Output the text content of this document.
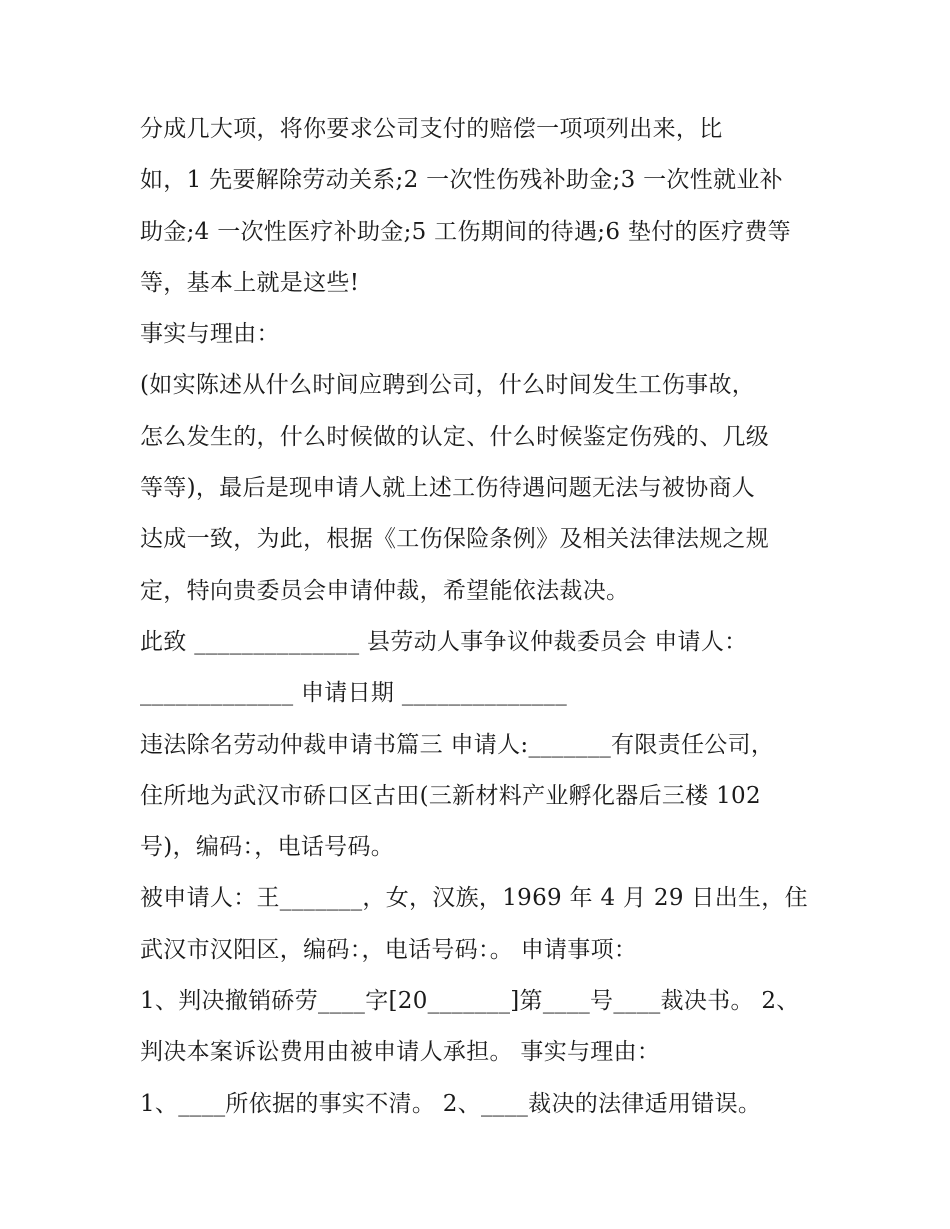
分成几大项，将你要求公司支付的赔偿一项项列出来，比
如，1 先要解除劳动关系;2 一次性伤残补助金;3 一次性就业补
助金;4 一次性医疗补助金;5 工伤期间的待遇;6 垫付的医疗费等
等，基本上就是这些!
事实与理由：
(如实陈述从什么时间应聘到公司，什么时间发生工伤事故，
怎么发生的，什么时候做的认定、什么时候鉴定伤残的、几级
等等)，最后是现申请人就上述工伤待遇问题无法与被协商人
达成一致，为此，根据《工伤保险条例》及相关法律法规之规
定，特向贵委员会申请仲裁，希望能依法裁决。
此致 ______________ 县劳动人事争议仲裁委员会 申请人：
_____________ 申请日期 ______________
违法除名劳动仲裁申请书篇三 申请人:_______有限责任公司，
住所地为武汉市硚口区古田(三新材料产业孵化器后三楼 102
号)，编码：，电话号码。
被申请人：王_______，女，汉族，1969 年 4 月 29 日出生，住
武汉市汉阳区，编码：，电话号码：。 申请事项：
1、判决撤销硚劳____字[20_______]第____号____裁决书。 2、
判决本案诉讼费用由被申请人承担。 事实与理由：
1、____所依据的事实不清。 2、____裁决的法律适用错误。
